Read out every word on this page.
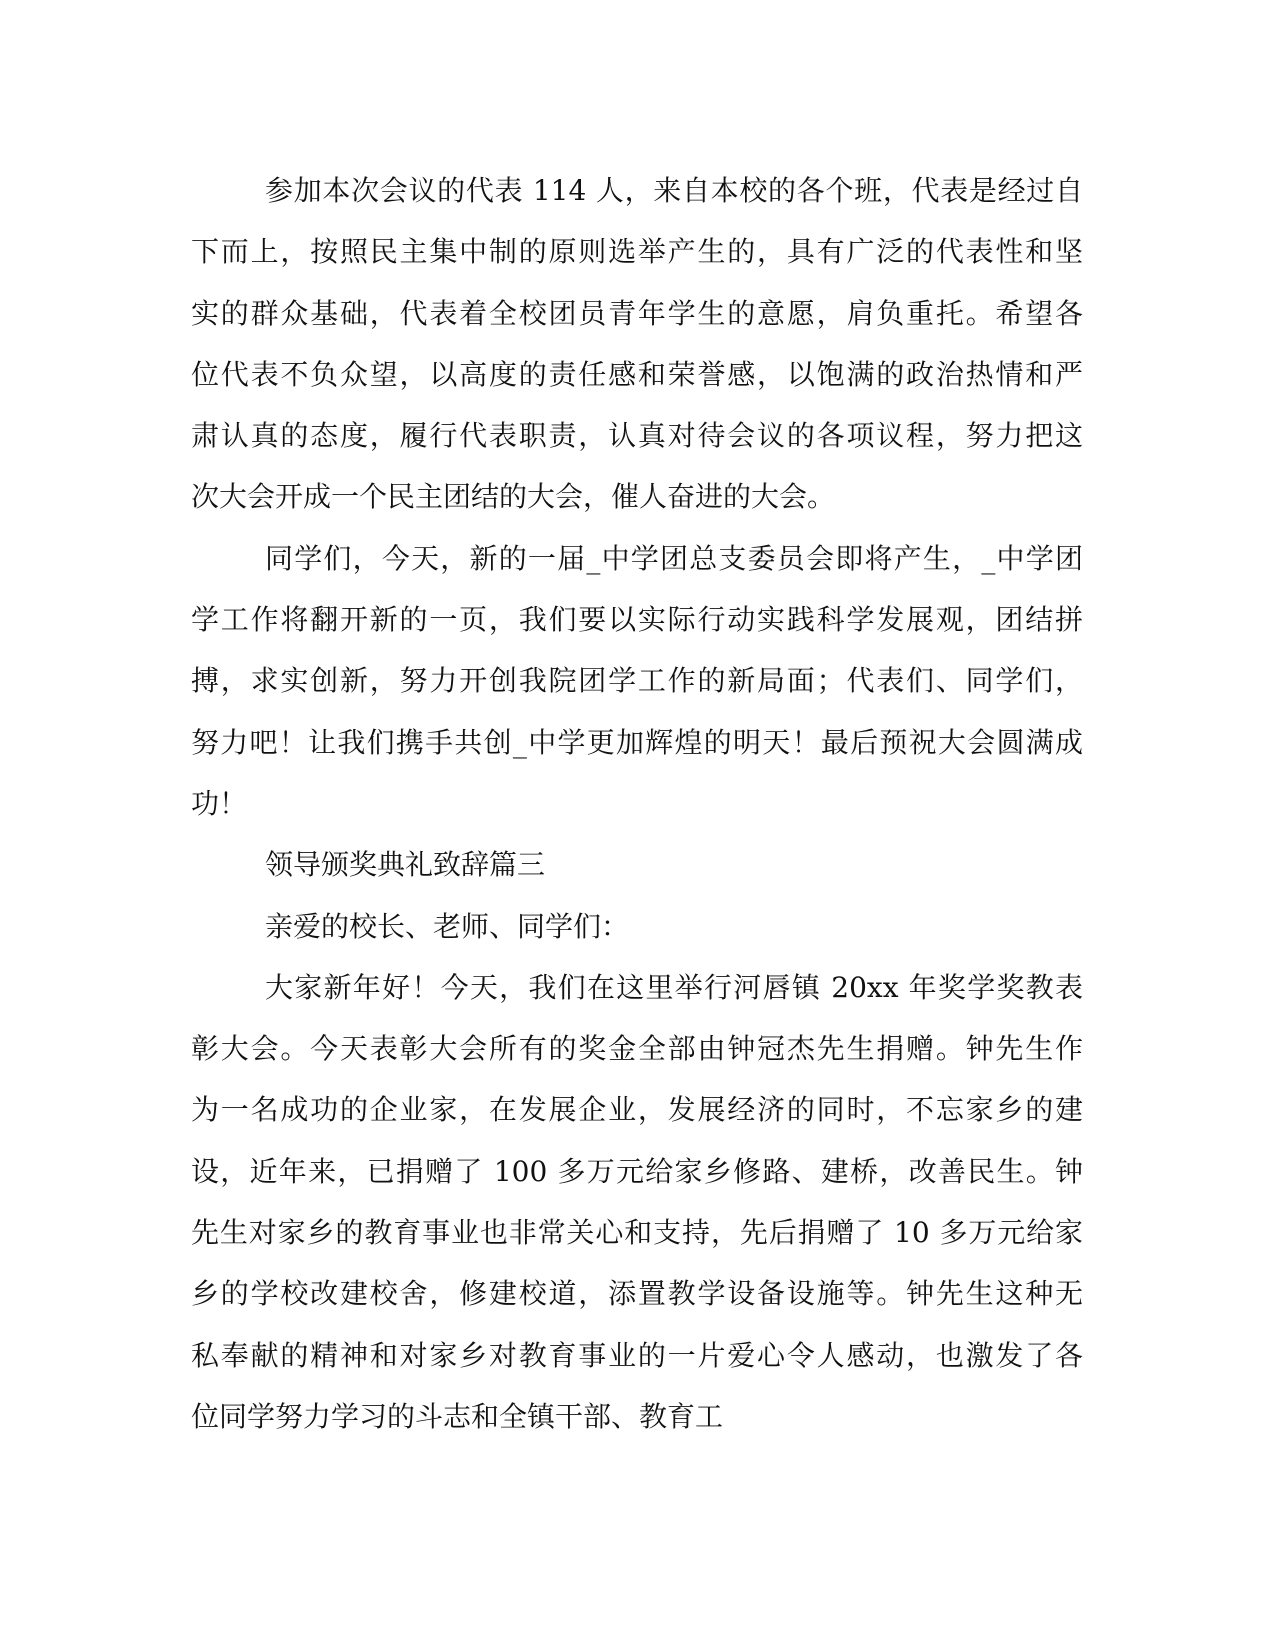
参加本次会议的代表 114 人，来自本校的各个班，代表是经过自
下而上，按照民主集中制的原则选举产生的，具有广泛的代表性和坚
实的群众基础，代表着全校团员青年学生的意愿，肩负重托。希望各
位代表不负众望，以高度的责任感和荣誉感，以饱满的政治热情和严
肃认真的态度，履行代表职责，认真对待会议的各项议程，努力把这
次大会开成一个民主团结的大会，催人奋进的大会。
同学们，今天，新的一届_中学团总支委员会即将产生，_中学团
学工作将翻开新的一页，我们要以实际行动实践科学发展观，团结拼
搏，求实创新，努力开创我院团学工作的新局面；代表们、同学们，
努力吧！让我们携手共创_中学更加辉煌的明天！最后预祝大会圆满成
功！
领导颁奖典礼致辞篇三
亲爱的校长、老师、同学们：
大家新年好！今天，我们在这里举行河唇镇 20xx 年奖学奖教表
彰大会。今天表彰大会所有的奖金全部由钟冠杰先生捐赠。钟先生作
为一名成功的企业家，在发展企业，发展经济的同时，不忘家乡的建
设，近年来，已捐赠了 100 多万元给家乡修路、建桥，改善民生。钟
先生对家乡的教育事业也非常关心和支持，先后捐赠了 10 多万元给家
乡的学校改建校舍，修建校道，添置教学设备设施等。钟先生这种无
私奉献的精神和对家乡对教育事业的一片爱心令人感动，也激发了各
位同学努力学习的斗志和全镇干部、教育工
